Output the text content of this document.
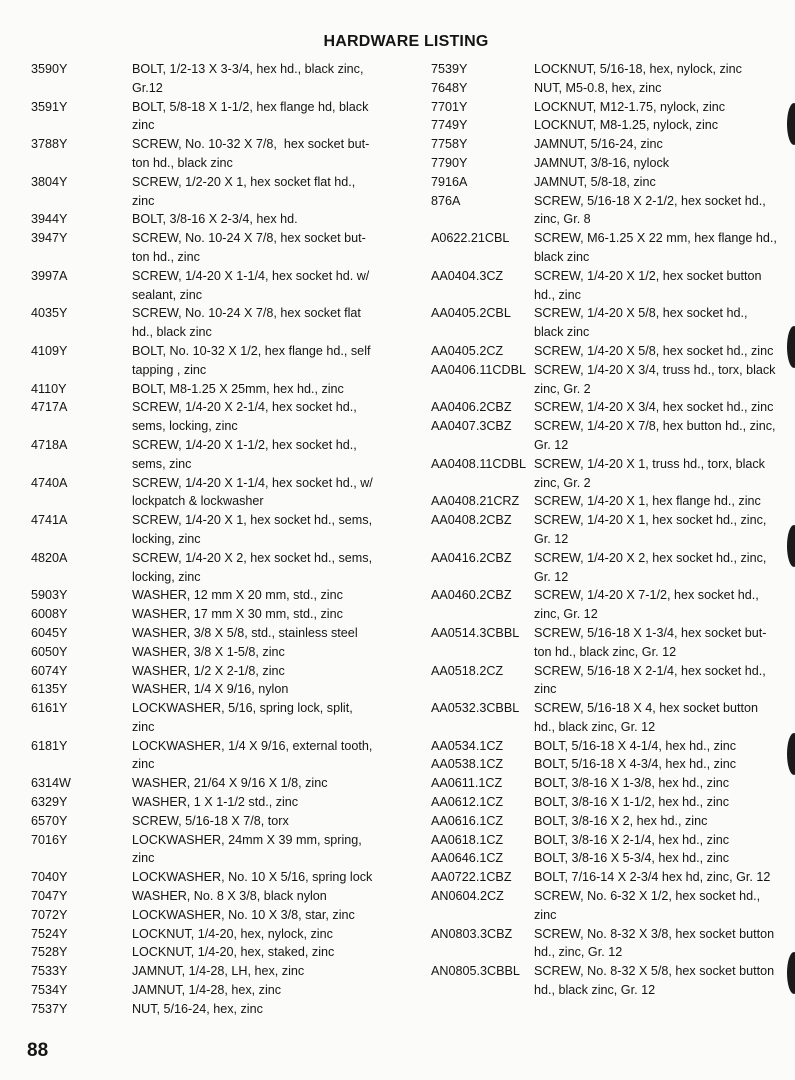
HARDWARE LISTING
3590Y	BOLT, 1/2-13 X 3-3/4, hex hd., black zinc,
Gr.12
3591Y	BOLT, 5/8-18 X 1-1/2, hex flange hd, black
zinc
3788Y	SCREW, No. 10-32 X 7/8,  hex socket but-
ton hd., black zinc
3804Y	SCREW, 1/2-20 X 1, hex socket flat hd.,
zinc
3944Y	BOLT, 3/8-16 X 2-3/4, hex hd.
3947Y	SCREW, No. 10-24 X 7/8, hex socket but-
ton hd., zinc
3997A	SCREW, 1/4-20 X 1-1/4, hex socket hd. w/
sealant, zinc
4035Y	SCREW, No. 10-24 X 7/8, hex socket flat
hd., black zinc
4109Y	BOLT, No. 10-32 X 1/2, hex flange hd., self
tapping , zinc
4110Y	BOLT, M8-1.25 X 25mm, hex hd., zinc
4717A	SCREW, 1/4-20 X 2-1/4, hex socket hd.,
sems, locking, zinc
4718A	SCREW, 1/4-20 X 1-1/2, hex socket hd.,
sems, zinc
4740A	SCREW, 1/4-20 X 1-1/4, hex socket hd., w/
lockpatch & lockwasher
4741A	SCREW, 1/4-20 X 1, hex socket hd., sems,
locking, zinc
4820A	SCREW, 1/4-20 X 2, hex socket hd., sems,
locking, zinc
5903Y	WASHER, 12 mm X 20 mm, std., zinc
6008Y	WASHER, 17 mm X 30 mm, std., zinc
6045Y	WASHER, 3/8 X 5/8, std., stainless steel
6050Y	WASHER, 3/8 X 1-5/8, zinc
6074Y	WASHER, 1/2 X 2-1/8, zinc
6135Y	WASHER, 1/4 X 9/16, nylon
6161Y	LOCKWASHER, 5/16, spring lock, split,
zinc
6181Y	LOCKWASHER, 1/4 X 9/16, external tooth,
zinc
6314W	WASHER, 21/64 X 9/16 X 1/8, zinc
6329Y	WASHER, 1 X 1-1/2 std., zinc
6570Y	SCREW, 5/16-18 X 7/8, torx
7016Y	LOCKWASHER, 24mm X 39 mm, spring,
zinc
7040Y	LOCKWASHER, No. 10 X 5/16, spring lock
7047Y	WASHER, No. 8 X 3/8, black nylon
7072Y	LOCKWASHER, No. 10 X 3/8, star, zinc
7524Y	LOCKNUT, 1/4-20, hex, nylock, zinc
7528Y	LOCKNUT, 1/4-20, hex, staked, zinc
7533Y	JAMNUT, 1/4-28, LH, hex, zinc
7534Y	JAMNUT, 1/4-28, hex, zinc
7537Y	NUT, 5/16-24, hex, zinc
7539Y	LOCKNUT, 5/16-18, hex, nylock, zinc
7648Y	NUT, M5-0.8, hex, zinc
7701Y	LOCKNUT, M12-1.75, nylock, zinc
7749Y	LOCKNUT, M8-1.25, nylock, zinc
7758Y	JAMNUT, 5/16-24, zinc
7790Y	JAMNUT, 3/8-16, nylock
7916A	JAMNUT, 5/8-18, zinc
876A	SCREW, 5/16-18 X 2-1/2, hex socket hd.,
zinc, Gr. 8
A0622.21CBL	SCREW, M6-1.25 X 22 mm, hex flange hd.,
black zinc
AA0404.3CZ	SCREW, 1/4-20 X 1/2, hex socket button
hd., zinc
AA0405.2CBL	SCREW, 1/4-20 X 5/8, hex socket hd.,
black zinc
AA0405.2CZ	SCREW, 1/4-20 X 5/8, hex socket hd., zinc
AA0406.11CDBL SCREW, 1/4-20 X 3/4, truss hd., torx, black
zinc, Gr. 2
AA0406.2CBZ	SCREW, 1/4-20 X 3/4, hex socket hd., zinc
AA0407.3CBZ	SCREW, 1/4-20 X 7/8, hex button hd., zinc,
Gr. 12
AA0408.11CDBL SCREW, 1/4-20 X 1, truss hd., torx, black
zinc, Gr. 2
AA0408.21CRZ	SCREW, 1/4-20 X 1, hex flange hd., zinc
AA0408.2CBZ	SCREW, 1/4-20 X 1, hex socket hd., zinc,
Gr. 12
AA0416.2CBZ	SCREW, 1/4-20 X 2, hex socket hd., zinc,
Gr. 12
AA0460.2CBZ	SCREW, 1/4-20 X 7-1/2, hex socket hd.,
zinc, Gr. 12
AA0514.3CBBL	SCREW, 5/16-18 X 1-3/4, hex socket but-
ton hd., black zinc, Gr. 12
AA0518.2CZ	SCREW, 5/16-18 X 2-1/4, hex socket hd.,
zinc
AA0532.3CBBL	SCREW, 5/16-18 X 4, hex socket button
hd., black zinc, Gr. 12
AA0534.1CZ	BOLT, 5/16-18 X 4-1/4, hex hd., zinc
AA0538.1CZ	BOLT, 5/16-18 X 4-3/4, hex hd., zinc
AA0611.1CZ	BOLT, 3/8-16 X 1-3/8, hex hd., zinc
AA0612.1CZ	BOLT, 3/8-16 X 1-1/2, hex hd., zinc
AA0616.1CZ	BOLT, 3/8-16 X 2, hex hd., zinc
AA0618.1CZ	BOLT, 3/8-16 X 2-1/4, hex hd., zinc
AA0646.1CZ	BOLT, 3/8-16 X 5-3/4, hex hd., zinc
AA0722.1CBZ	BOLT, 7/16-14 X 2-3/4 hex hd, zinc, Gr. 12
AN0604.2CZ	SCREW, No. 6-32 X 1/2, hex socket hd.,
zinc
AN0803.3CBZ	SCREW, No. 8-32 X 3/8, hex socket button
hd., zinc, Gr. 12
AN0805.3CBBL	SCREW, No. 8-32 X 5/8, hex socket button
hd., black zinc, Gr. 12
88
